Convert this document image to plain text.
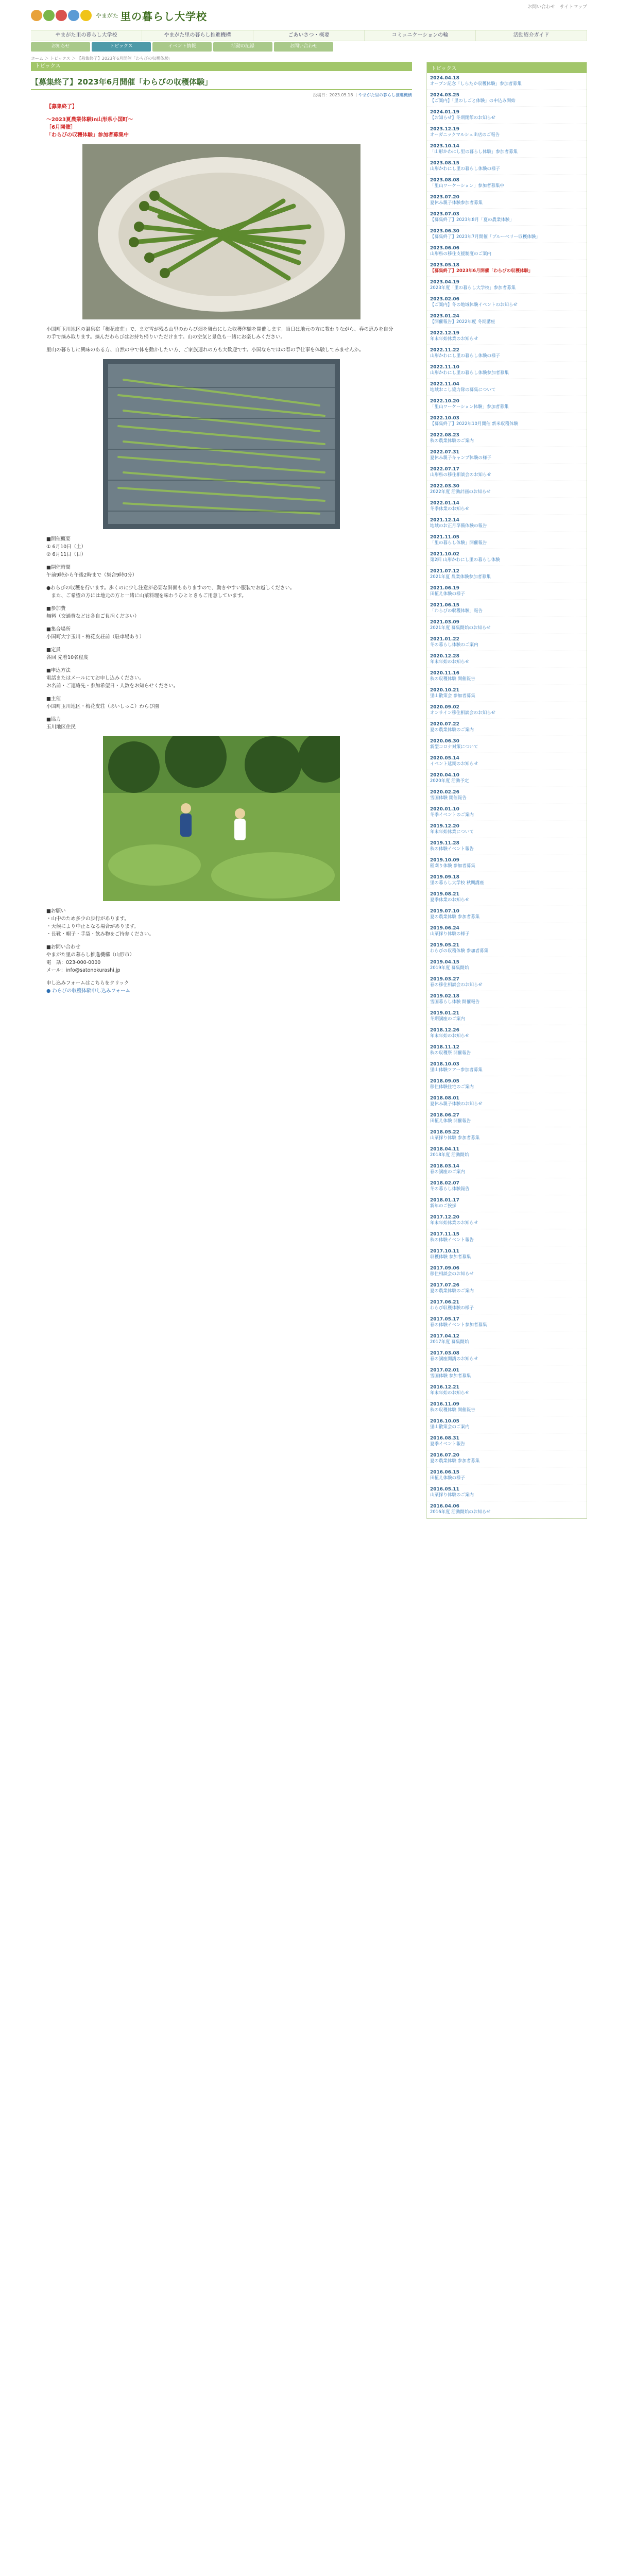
やまがた 里の暮らし大学校
お問い合わせ サイトマップ
やまがた里の暮らし大学校	やまがた里の暮らし推進機構	ごあいさつ・概要	コミュニケーションの輪	活動紹介ガイド
お知らせ	トピックス	イベント情報	活動の記録	お問い合わせ
ホーム ＞ トピックス ＞ 【募集終了】2023年6月開催「わらびの収穫体験」
トピックス
【募集終了】2023年6月開催「わらびの収穫体験」
投稿日：2023.05.18 ｜やまがた里の暮らし推進機構
【募集終了】
〜2023夏農業体験in山形県小国町〜
［6月開催］
「わらびの収穫体験」参加者募集中
小国町玉川地区の温泉宿「梅花皮荘」で、まだ雪が残る山里のわらび畑を舞台にした収穫体験を開催します。当日は地元の方に教わりながら、春の恵みを自分の手で摘み取ります。摘んだわらびはお持ち帰りいただけます。山の空気と景色も一緒にお楽しみください。
里山の暮らしに興味のある方、自然の中で体を動かしたい方、ご家族連れの方も大歓迎です。小国ならではの春の手仕事を体験してみませんか。
■開催概要
① 6月10日（土）
② 6月11日（日）
■開催時間
午前9時から午後2時まで（集合9時0分）
●わらびの収穫を行います。歩くのに少し注意が必要な斜面もありますので、動きやすい服装でお越しください。
　また、ご希望の方には地元の方と一緒に山菜料理を味わうひとときもご用意しています。
■参加費
無料（交通費などは各自ご負担ください）
■集合場所
小国町大字玉川・梅花皮荘前（駐車場あり）
■定員
各回 先着10名程度
■申込方法
電話またはメールにてお申し込みください。
お名前・ご連絡先・参加希望日・人数をお知らせください。
■主催
小国町玉川地区・梅花皮荘（あいしっこ）わらび園
■協力
玉川地区住民
■お願い
・山中のため多少の歩行があります。
・天候により中止となる場合があります。
・長靴・帽子・手袋・飲み物をご持参ください。
■お問い合わせ
やまがた里の暮らし推進機構（山形市）
電　話：023-000-0000
メール：info@satonokurashi.jp
申し込みフォームはこちらをクリック
● わらびの収穫体験申し込みフォーム
トピックス
2024.04.18
オープン記念「しらたか収穫体験」参加者募集
2024.03.25
【ご案内】「里のしごと体験」の申込み開始
2024.01.19
【お知らせ】冬期閉館のお知らせ
2023.12.19
オーガニックマルシェ出店のご報告
2023.10.14
「山形かわにし里の暮らし体験」参加者募集
2023.08.15
山形かわにし里の暮らし体験の様子
2023.08.08
「里山ワーケーション」参加者募集中
2023.07.20
夏休み親子体験参加者募集
2023.07.03
【募集終了】2023年8月「夏の農業体験」
2023.06.30
【募集終了】2023年7月開催「ブルーベリー収穫体験」
2023.06.06
山形県の移住支援制度のご案内
2023.05.18
【募集終了】2023年6月開催「わらびの収穫体験」
2023.04.19
2023年度「里の暮らし大学校」参加者募集
2023.02.06
【ご案内】冬の地域体験イベントのお知らせ
2023.01.24
【開催報告】2022年度 冬期講座
2022.12.19
年末年始休業のお知らせ
2022.11.22
山形かわにし里の暮らし体験の様子
2022.11.10
山形かわにし里の暮らし体験参加者募集
2022.11.04
地域おこし協力隊の募集について
2022.10.20
「里山ワーケーション体験」参加者募集
2022.10.03
【募集終了】2022年10月開催 新米収穫体験
2022.08.23
秋の農業体験のご案内
2022.07.31
夏休み親子キャンプ体験の様子
2022.07.17
山形県の移住相談会のお知らせ
2022.03.30
2022年度 活動計画のお知らせ
2022.01.14
冬季休業のお知らせ
2021.12.14
地域のお正月準備体験の報告
2021.11.05
「里の暮らし体験」開催報告
2021.10.02
第2回 山形かわにし里の暮らし体験
2021.07.12
2021年夏 農業体験参加者募集
2021.06.19
田植え体験の様子
2021.06.15
「わらびの収穫体験」報告
2021.03.09
2021年度 募集開始のお知らせ
2021.01.22
冬の暮らし体験のご案内
2020.12.28
年末年始のお知らせ
2020.11.16
秋の収穫体験 開催報告
2020.10.21
里山散策会 参加者募集
2020.09.02
オンライン移住相談会のお知らせ
2020.07.22
夏の農業体験のご案内
2020.06.30
新型コロナ対策について
2020.05.14
イベント延期のお知らせ
2020.04.10
2020年度 活動予定
2020.02.26
雪国体験 開催報告
2020.01.10
冬季イベントのご案内
2019.12.20
年末年始休業について
2019.11.28
秋の体験イベント報告
2019.10.09
稲刈り体験 参加者募集
2019.09.18
里の暮らし大学校 秋期講座
2019.08.21
夏季休業のお知らせ
2019.07.10
夏の農業体験 参加者募集
2019.06.24
山菜採り体験の様子
2019.05.21
わらびの収穫体験 参加者募集
2019.04.15
2019年度 募集開始
2019.03.27
春の移住相談会のお知らせ
2019.02.18
雪国暮らし体験 開催報告
2019.01.21
冬期講座のご案内
2018.12.26
年末年始のお知らせ
2018.11.12
秋の収穫祭 開催報告
2018.10.03
里山体験ツアー参加者募集
2018.09.05
移住体験住宅のご案内
2018.08.01
夏休み親子体験のお知らせ
2018.06.27
田植え体験 開催報告
2018.05.22
山菜採り体験 参加者募集
2018.04.11
2018年度 活動開始
2018.03.14
春の講座のご案内
2018.02.07
冬の暮らし体験報告
2018.01.17
新年のご挨拶
2017.12.20
年末年始休業のお知らせ
2017.11.15
秋の体験イベント報告
2017.10.11
収穫体験 参加者募集
2017.09.06
移住相談会のお知らせ
2017.07.26
夏の農業体験のご案内
2017.06.21
わらび収穫体験の様子
2017.05.17
春の体験イベント参加者募集
2017.04.12
2017年度 募集開始
2017.03.08
春の講座開講のお知らせ
2017.02.01
雪国体験 参加者募集
2016.12.21
年末年始のお知らせ
2016.11.09
秋の収穫体験 開催報告
2016.10.05
里山散策会のご案内
2016.08.31
夏季イベント報告
2016.07.20
夏の農業体験 参加者募集
2016.06.15
田植え体験の様子
2016.05.11
山菜採り体験のご案内
2016.04.06
2016年度 活動開始のお知らせ
